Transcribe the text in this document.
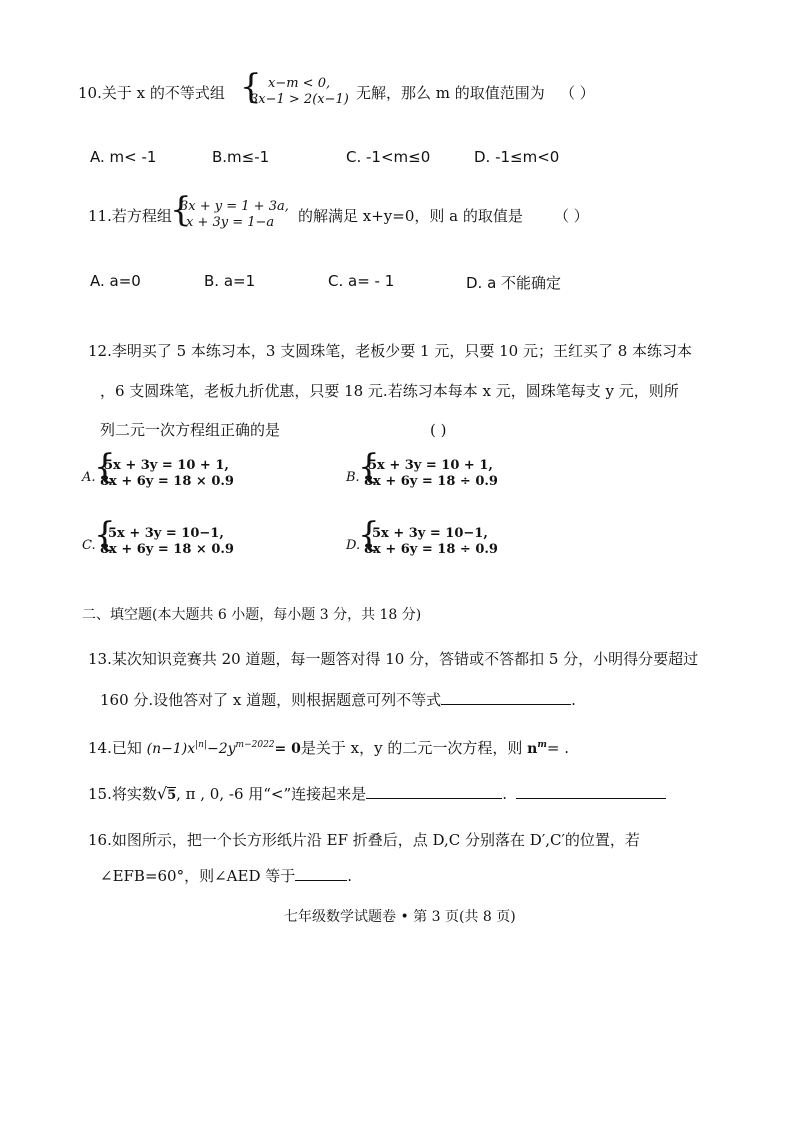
10.关于 x 的不等式组 { x−m < 0,
3x−1 > 2(x−1) 无解，那么 m 的取值范围为 （ ）
A. m< -1	B.m≤-1	C. -1<m≤0	D. -1≤m<0
11.若方程组
{
3x + y = 1 + 3a,
x + 3y = 1−a 的解满足 x+y=0，则 a 的取值是 （ ）
A. a=0	B. a=1	C. a= - 1	D. a 不能确定
12.李明买了 5 本练习本，3 支圆珠笔，老板少要 1 元，只要 10 元；王红买了 8 本练习本
，6 支圆珠笔，老板九折优惠，只要 18 元.若练习本每本 x 元，圆珠笔每支 y 元，则所
列二元一次方程组正确的是	( )
A.
{
5x + 3y = 10 + 1,
8x + 6y = 18 × 0.9	B.
{
5x + 3y = 10 + 1,
8x + 6y = 18 ÷ 0.9
C.
{
5x + 3y = 10−1,
8x + 6y = 18 × 0.9	D.
{
5x + 3y = 10−1,
8x + 6y = 18 ÷ 0.9
二、填空题(本大题共 6 小题，每小题 3 分，共 18 分)
13.某次知识竞赛共 20 道题，每一题答对得 10 分，答错或不答都扣 5 分，小明得分要超过
160 分.设他答对了 x 道题，则根据题意可列不等式	.
14.已知 $(n-1)x^{|n|}-2y^{m-2022}= 0$是关于 x，y 的二元一次方程，则 $n^m=$ .
15.将实数√5, π , 0, -6 用“<”连接起来是	.
16.如图所示，把一个长方形纸片沿 EF 折叠后，点 D,C 分别落在 D′,C′的位置，若
∠EFB=60°，则∠AED 等于	.
七年级数学试题卷 • 第 3 页(共 8 页)
